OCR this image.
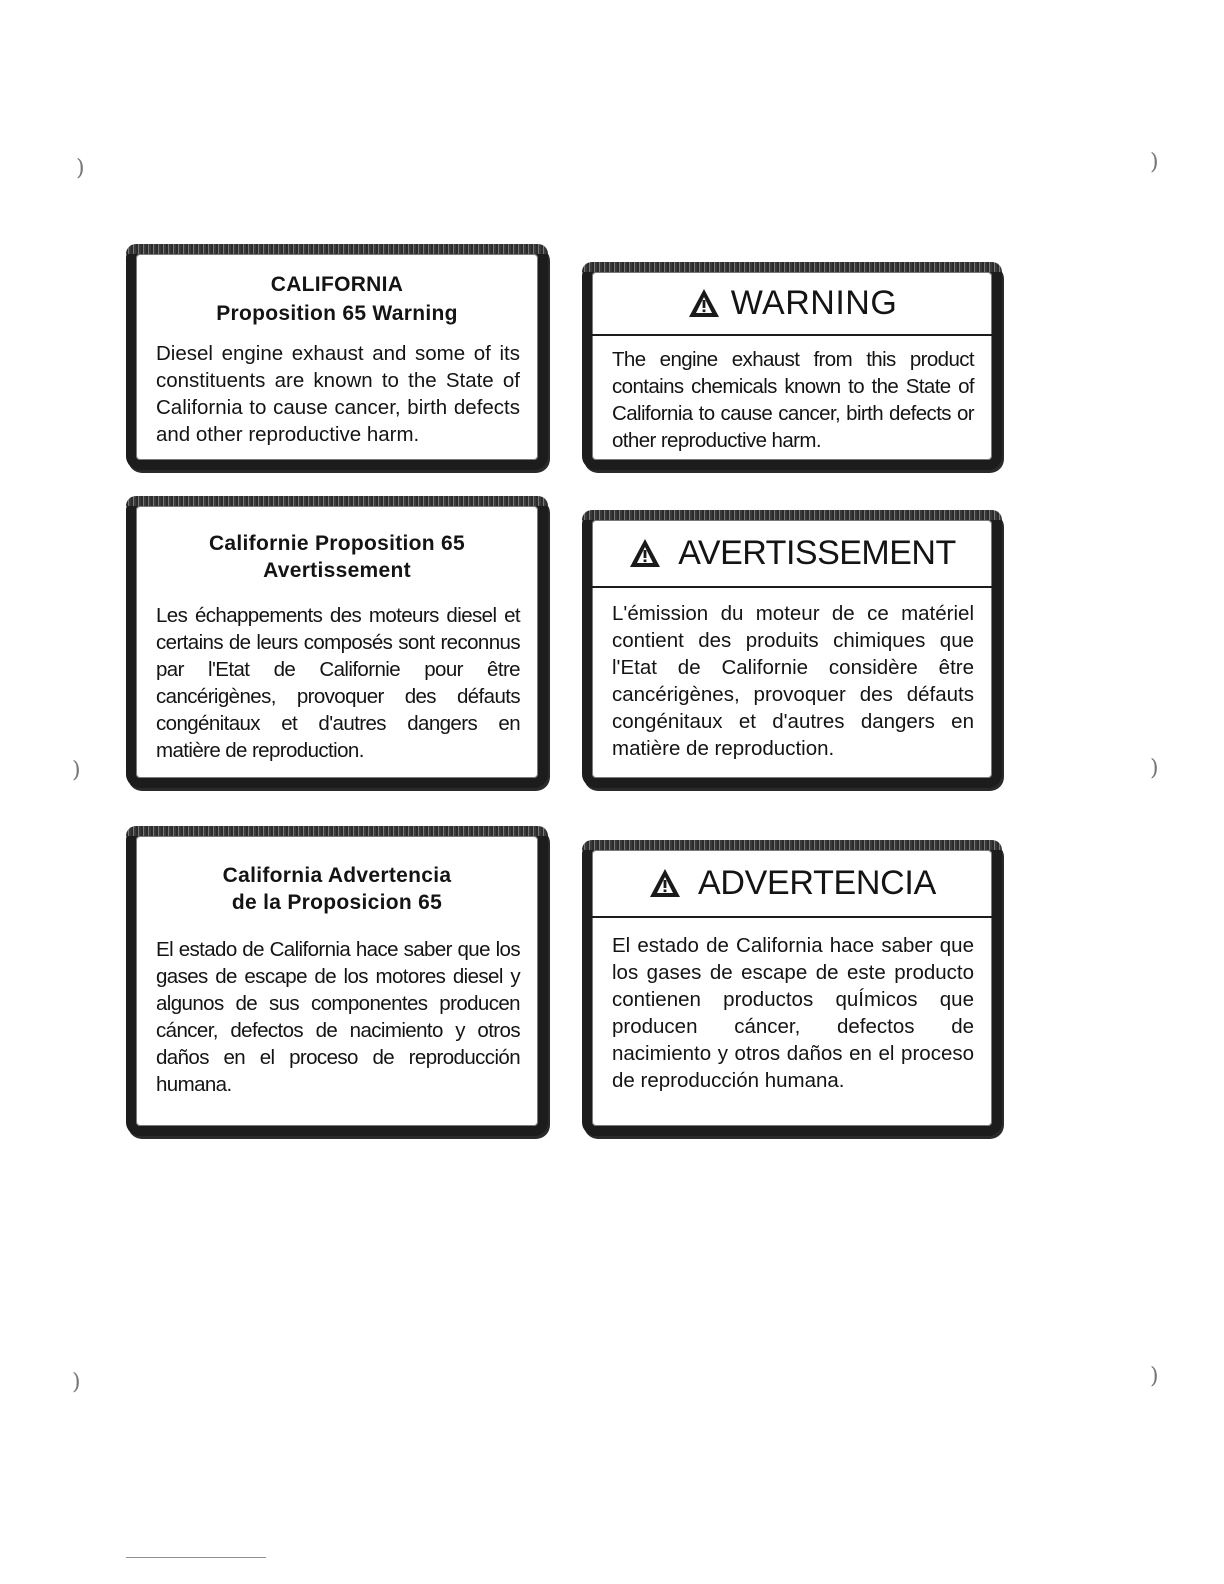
)	)
)	)
)	)
CALIFORNIA
Proposition 65 Warning
Diesel engine exhaust and some of its constituents are known to the State of California to cause cancer, birth defects and other reproductive harm.
WARNING
The engine exhaust from this product contains chemicals known to the State of California to cause cancer, birth defects or other reproductive harm.
Californie Proposition 65
Avertissement
Les échappements des moteurs diesel et certains de leurs composés sont reconnus par l'Etat de Californie pour être cancérigènes, provoquer des défauts congénitaux et d'autres dangers en matière de reproduction.
AVERTISSEMENT
L'émission du moteur de ce matériel contient des produits chimiques que l'Etat de Californie considère être cancérigènes, provoquer des défauts congénitaux et d'autres dangers en matière de reproduction.
California Advertencia
de la Proposicion 65
El estado de California hace saber que los gases de escape de los motores diesel y algunos de sus componentes producen cáncer, defectos de nacimiento y otros daños en el proceso de reproducción humana.
ADVERTENCIA
El estado de California hace saber que los gases de escape de este producto contienen productos quÍmicos que producen cáncer, defectos de nacimiento y otros daños en el proceso de reproducción humana.
